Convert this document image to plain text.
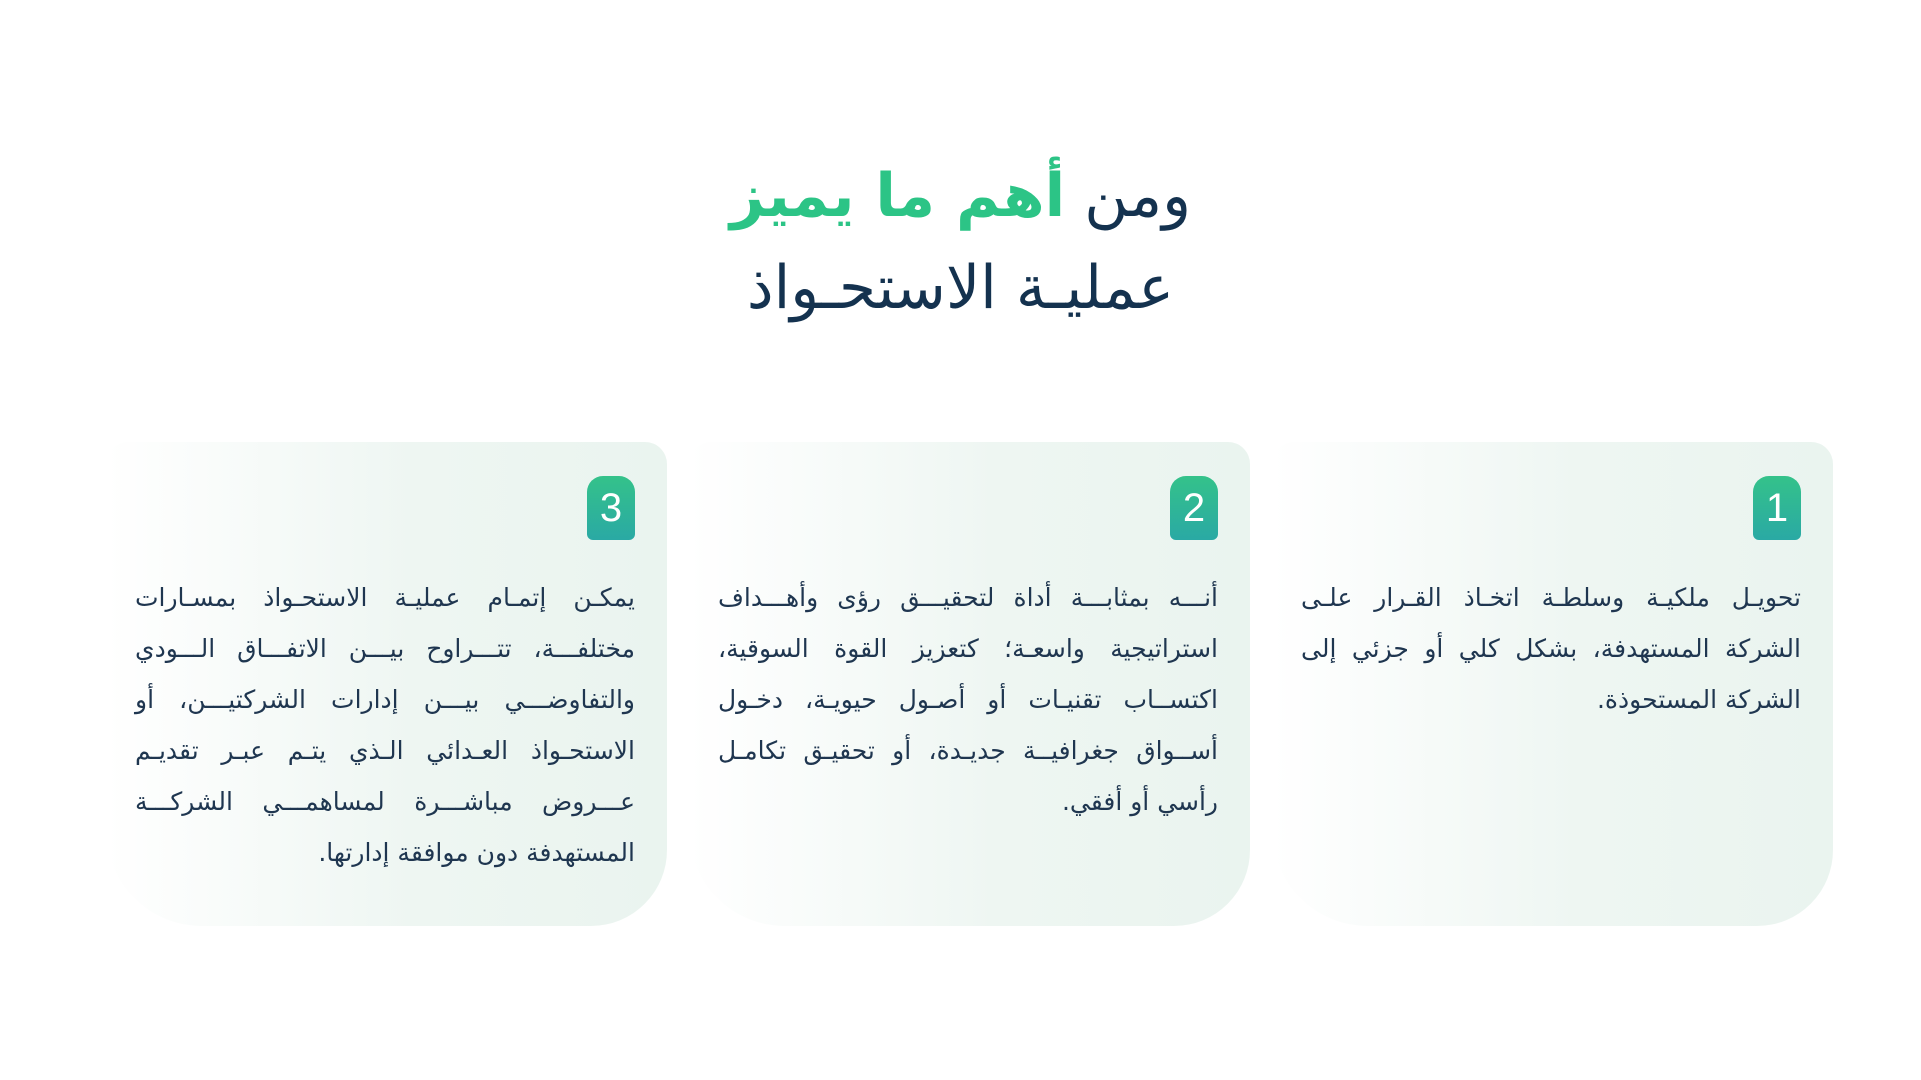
ومن أهم ما يميز
عمليـة الاستحـواذ
1
تحويـل ملكيـة وسلطـة اتخـاذ القـرار علـى الشركة المستهدفة، بشكل كلي أو جزئي إلى الشركة المستحوذة.
2
أنـــه بمثابـــة أداة لتحقيـــق رؤى وأهـــداف استراتيجية واسعـة؛ كتعزيز القوة السوقية، اكتســاب تقنيـات أو أصـول حيويـة، دخـول أســواق جغرافيــة جديـدة، أو تحقيـق تكامـل رأسي أو أفقي.
3
يمكـن إتمـام عمليـة الاستحـواذ بمسـارات مختلفـــة، تتـــراوح بيـــن الاتفـــاق الـــودي والتفاوضـــي بيـــن إدارات الشركتيـــن، أو الاستحـواذ العـدائي الـذي يتـم عبـر تقديـم عـــروض مباشـــرة لمساهمـــي الشركـــة المستهدفة دون موافقة إدارتها.
